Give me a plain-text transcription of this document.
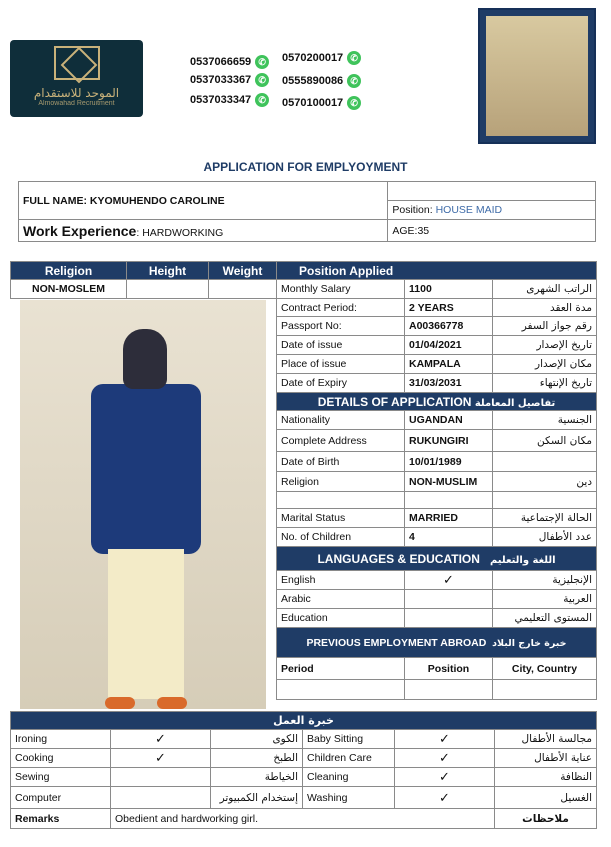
الموحد للاستقدام
Almowahad Recruitment
0537066659 ✆
0537033367 ✆
0537033347 ✆
0570200017 ✆
0555890086 ✆
0570100017 ✆
APPLICATION FOR EMPLYOYMENT
FULL NAME: KYOMUHENDO CAROLINE	
	Position: HOUSE MAID
Work Experience: HARDWORKING	AGE:35
Religion	Height	Weight	Position Applied		
NON-MOSLEM			Monthly Salary	1100	الراتب الشهرى
			Contract Period:	2 YEARS	مدة العقد
			Passport No:	A00366778	رقم جواز السفر
			Date of issue	01/04/2021	تاريخ الإصدار
			Place of issue	KAMPALA	مكان الإصدار
			Date of Expiry	31/03/2031	تاريخ الإنتهاء
			DETAILS OF APPLICATION تفاصيل المعاملة		
			Nationality	UGANDAN	الجنسية
			Complete Address	RUKUNGIRI	مكان السكن
			Date of Birth	10/01/1989	
			Religion	NON-MUSLIM	دين

			Marital Status	MARRIED	الحالة الإجتماعية
			No. of Children	4	عدد الأطفال
			LANGUAGES & EDUCATION اللغة والتعليم		
			English	✓	الإنجليزية
			Arabic		العربية
			Education		المستوى التعليمي
			PREVIOUS EMPLOYMENT ABROAD خبرة خارج البلاد		
			Period	Position	City, Country

خبرة العمل					
Ironing	✓	الكوى	Baby Sitting	✓	مجالسة الأطفال
Cooking	✓	الطبخ	Children Care	✓	عناية الأطفال
Sewing		الخياطة	Cleaning	✓	النظافة
Computer		إستخدام الكمبيوتر	Washing	✓	الغسيل
Remarks	Obedient and hardworking girl.				ملاحظات
